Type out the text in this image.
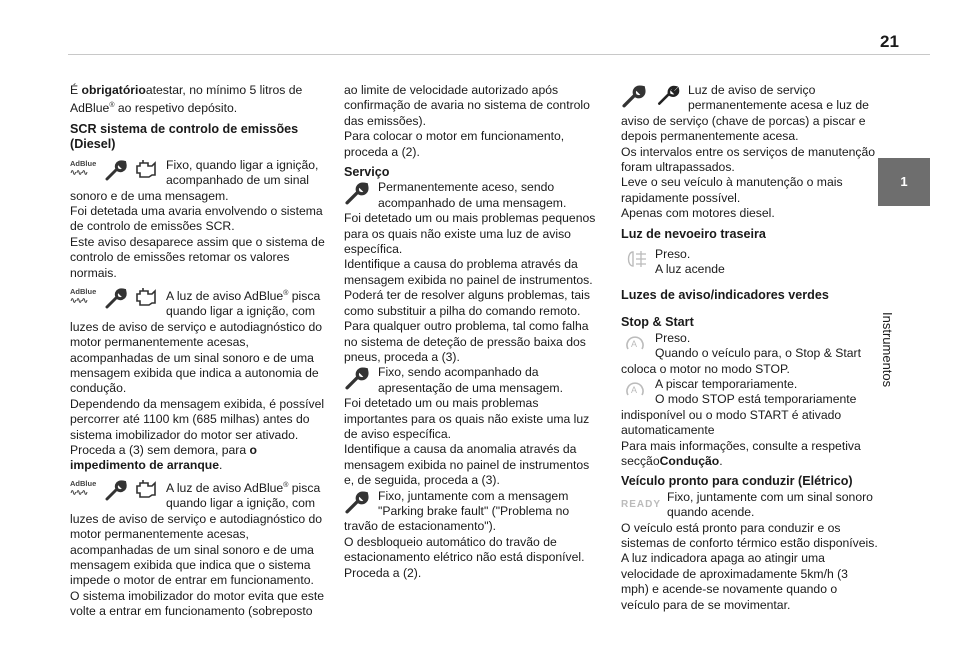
21
1
Instrumentos

É obrigatórioatestar, no mínimo 5 litros de AdBlue® ao respetivo depósito.

SCR sistema de controlo de emissões (Diesel)
AdBlue
∿∿∿
Fixo, quando ligar a ignição, acompanhado de um sinal sonoro e de uma mensagem.

Foi detetada uma avaria envolvendo o sistema de controlo de emissões SCR.

Este aviso desaparece assim que o sistema de controlo de emissões retomar os valores normais.

AdBlue
∿∿∿	A luz de aviso AdBlue® pisca quando ligar a ignição, com luzes de aviso de serviço e autodiagnóstico do motor permanentemente acesas, acompanhadas de um sinal sonoro e de uma mensagem exibida que indica a autonomia de condução.

Dependendo da mensagem exibida, é possível percorrer até 1100 km (685 milhas) antes do sistema imobilizador do motor ser ativado.

Proceda a (3) sem demora, para o impedimento de arranque.

AdBlue
∿∿∿	A luz de aviso AdBlue® pisca quando ligar a ignição, com luzes de aviso de serviço e autodiagnóstico do motor permanentemente acesas, acompanhadas de um sinal sonoro e de uma mensagem exibida que indica que o sistema impede o motor de entrar em funcionamento.

O sistema imobilizador do motor evita que este volte a entrar em funcionamento (sobreposto

ao limite de velocidade autorizado após confirmação de avaria no sistema de controlo das emissões).

Para colocar o motor em funcionamento, proceda a (2).

Serviço
Permanentemente aceso, sendo acompanhado de uma mensagem.

Foi detetado um ou mais problemas pequenos para os quais não existe uma luz de aviso específica.

Identifique a causa do problema através da mensagem exibida no painel de instrumentos.

Poderá ter de resolver alguns problemas, tais como substituir a pilha do comando remoto.

Para qualquer outro problema, tal como falha no sistema de deteção de pressão baixa dos pneus, proceda a (3).

Fixo, sendo acompanhado da apresentação de uma mensagem.

Foi detetado um ou mais problemas importantes para os quais não existe uma luz de aviso específica.

Identifique a causa da anomalia através da mensagem exibida no painel de instrumentos e, de seguida, proceda a (3).

Fixo, juntamente com a mensagem "Parking brake fault" ("Problema no travão de estacionamento").

O desbloqueio automático do travão de estacionamento elétrico não está disponível.

Proceda a (2).

Luz de aviso de serviço permanentemente acesa e luz de aviso de serviço (chave de porcas) a piscar e depois permanentemente acesa.

Os intervalos entre os serviços de manutenção foram ultrapassados.

Leve o seu veículo à manutenção o mais rapidamente possível.

Apenas com motores diesel.

Luz de nevoeiro traseira
Preso.
A luz acende
Luzes de aviso/indicadores verdes
Stop & Start
A Preso.
Quando o veículo para, o Stop & Start coloca o motor no modo STOP.
A A piscar temporariamente.
O modo STOP está temporariamente indisponível ou o modo START é ativado automaticamente

Para mais informações, consulte a respetiva secçãoCondução.

Veículo pronto para conduzir (Elétrico)
READY
Fixo, juntamente com um sinal sonoro quando acende.

O veículo está pronto para conduzir e os sistemas de conforto térmico estão disponíveis.

A luz indicadora apaga ao atingir uma velocidade de aproximadamente 5km/h (3 mph) e acende-se novamente quando o veículo para de se movimentar.
